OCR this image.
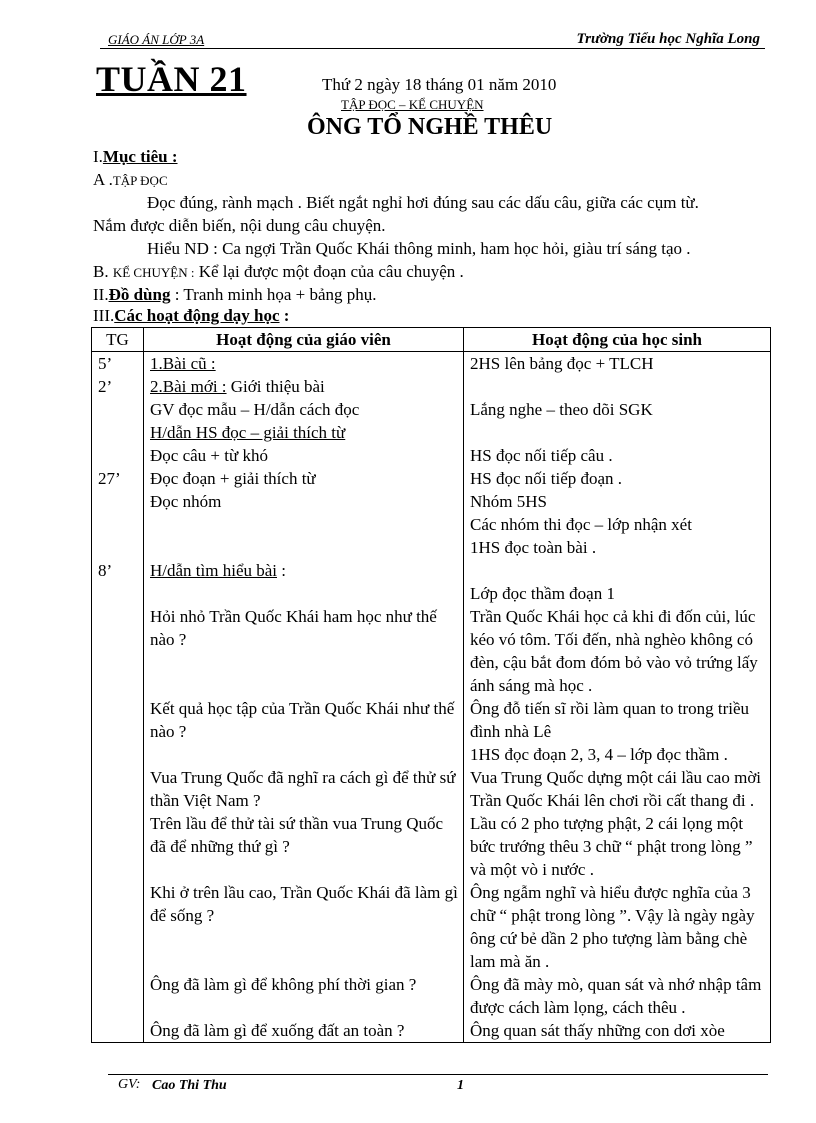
GIÁO ÁN LỚP 3A	Trường Tiểu học Nghĩa Long
TUẦN 21	Thứ 2 ngày 18 tháng 01 năm 2010
TẬP ĐỌC – KỂ CHUYỆN
ÔNG TỔ NGHỀ THÊU
I.Mục tiêu :
A .TẬP ĐỌC
Đọc đúng, rành mạch . Biết ngắt nghỉ hơi đúng sau các dấu câu, giữa các cụm từ.
Nắm được diễn biến, nội dung câu chuyện.
Hiểu ND : Ca ngợi Trần Quốc Khái thông minh, ham học hỏi, giàu trí sáng tạo .
B. KỂ CHUYỆN : Kể lại được một đoạn của câu chuyện .
II.Đồ dùng : Tranh minh họa + bảng phụ.
III.Các hoạt động dạy học :
TG	Hoạt động của giáo viên	Hoạt động của học sinh
5’	1.Bài cũ :	2HS lên bảng đọc + TLCH
2’	2.Bài mới : Giới thiệu bài	
	GV đọc mẫu – H/dẫn cách đọc	Lắng nghe – theo dõi SGK
	H/dẫn HS đọc – giải thích từ	
	Đọc câu + từ khó	HS đọc nối tiếp câu .
27’	Đọc đoạn + giải thích từ	HS đọc nối tiếp đoạn .
	Đọc nhóm	Nhóm 5HS
		Các nhóm thi đọc – lớp nhận xét
		1HS đọc toàn bài .
8’	H/dẫn tìm hiểu bài :	
		Lớp đọc thầm đoạn 1
	Hỏi nhỏ Trần Quốc Khái ham học như thế nào ?	Trần Quốc Khái học cả khi đi đốn củi, lúc kéo vó tôm. Tối đến, nhà nghèo không có đèn, cậu bắt đom đóm bỏ vào vỏ trứng lấy ánh sáng mà học .
	Kết quả học tập của Trần Quốc Khái như thế nào ?	Ông đỗ tiến sĩ rồi làm quan to trong triều đình nhà Lê
		1HS đọc đoạn 2, 3, 4 – lớp đọc thầm .
	Vua Trung Quốc đã nghĩ ra cách gì để thử sứ thần Việt Nam ?	Vua Trung Quốc dựng một cái lầu cao mời Trần Quốc Khái lên chơi rồi cất thang đi .
	Trên lầu để thử tài sứ thần vua Trung Quốc đã để những thứ gì ?	Lầu có 2 pho tượng phật, 2 cái lọng một bức trướng thêu 3 chữ “ phật trong lòng ” và một vò i nước .
	Khi ở trên lầu cao, Trần Quốc Khái đã làm gì để sống ?	Ông ngẫm nghĩ và hiểu được nghĩa của 3 chữ “ phật trong lòng ”. Vậy là ngày ngày ông cứ bẻ dần 2 pho tượng làm bằng chè lam mà ăn .
	Ông đã làm gì để không phí thời gian ?	Ông đã mày mò, quan sát và nhớ nhập tâm được cách làm lọng, cách thêu .
	Ông đã làm gì để xuống đất an toàn ?	Ông quan sát thấy những con dơi xòe
GV: Cao Thi Thu	1
